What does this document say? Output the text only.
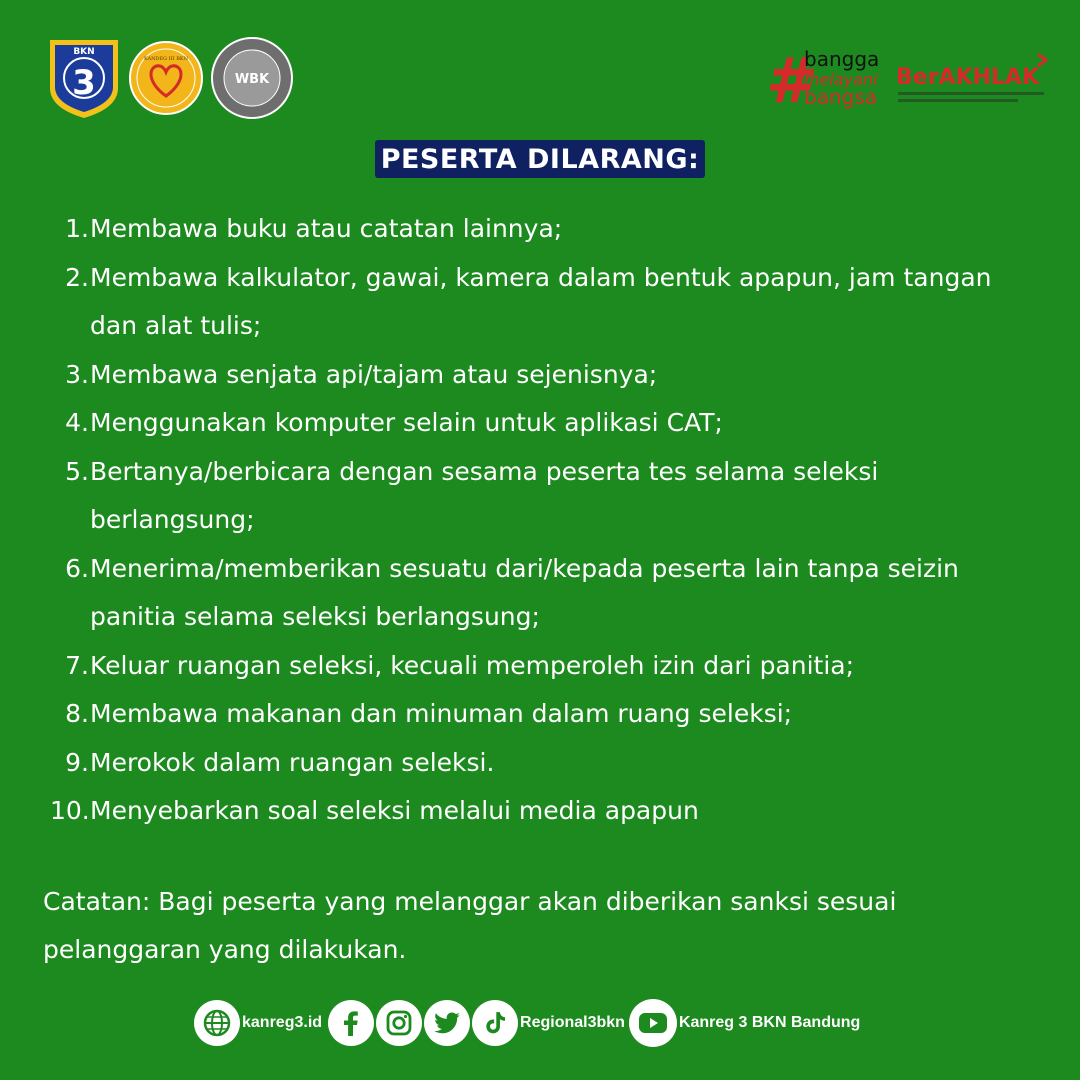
BKN
3
KANDEG III BKN
WBK	#
bangga
melayani
bangsa
BerAKHLAK
PESERTA DILARANG:
1. Membawa buku atau catatan lainnya;
2. Membawa kalkulator, gawai, kamera dalam bentuk apapun, jam tangan dan alat tulis;
3. Membawa senjata api/tajam atau sejenisnya;
4. Menggunakan komputer selain untuk aplikasi CAT;
5. Bertanya/berbicara dengan sesama peserta tes selama seleksi berlangsung;
6. Menerima/memberikan sesuatu dari/kepada peserta lain tanpa seizin panitia selama seleksi berlangsung;
7. Keluar ruangan seleksi, kecuali memperoleh izin dari panitia;
8. Membawa makanan dan minuman dalam ruang seleksi;
9. Merokok dalam ruangan seleksi.
10. Menyebarkan soal seleksi melalui media apapun

Catatan: Bagi peserta yang melanggar akan diberikan sanksi sesuai pelanggaran yang dilakukan.

kanreg3.id	Regional3bkn	Kanreg 3 BKN Bandung
